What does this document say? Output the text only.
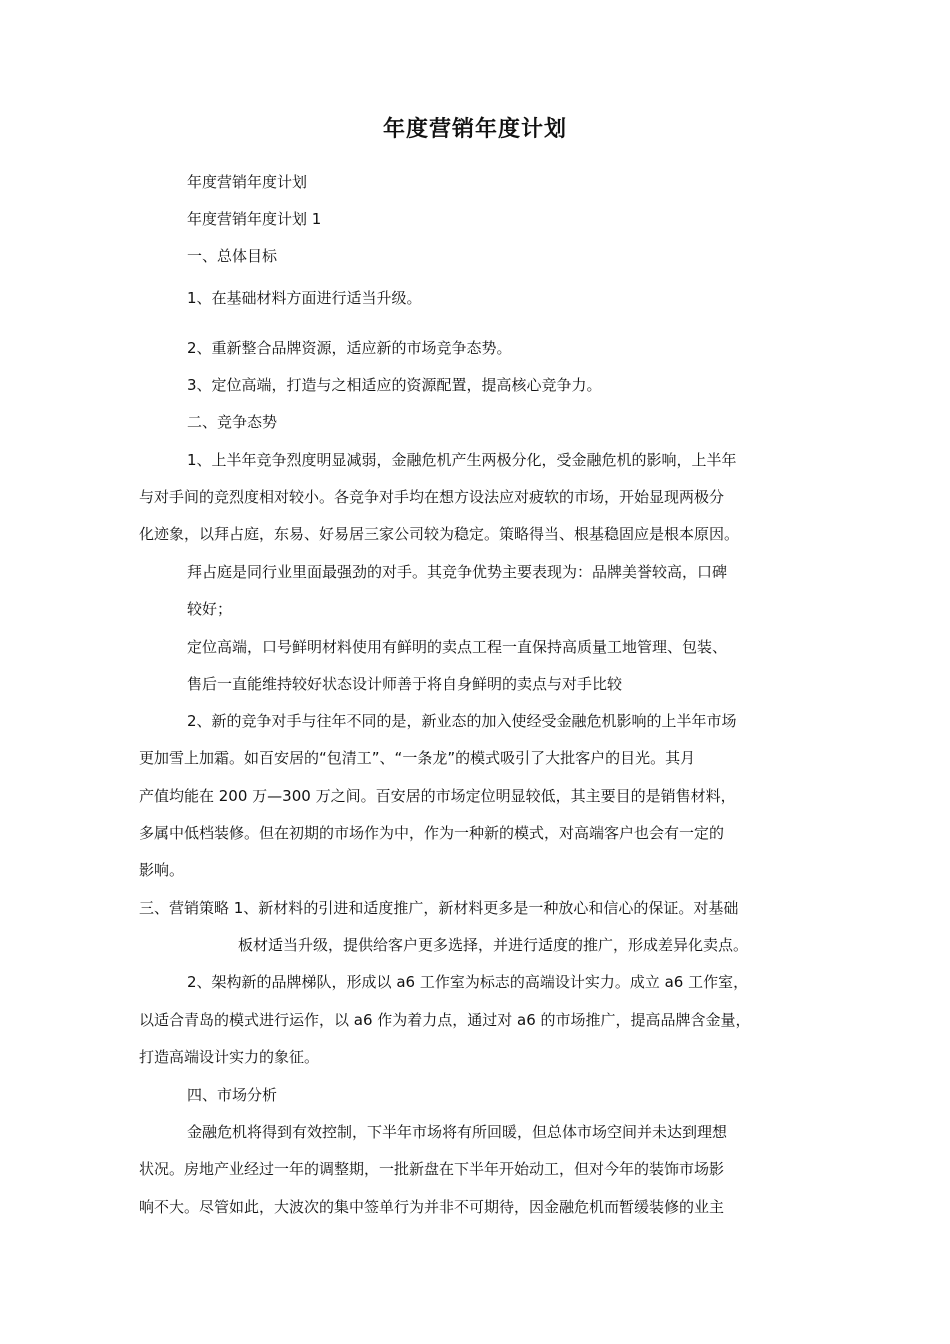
年度营销年度计划

年度营销年度计划

年度营销年度计划 1

一、总体目标

1、在基础材料方面进行适当升级。

2、重新整合品牌资源，适应新的市场竞争态势。

3、定位高端，打造与之相适应的资源配置，提高核心竞争力。

二、竞争态势

1、上半年竞争烈度明显减弱，金融危机产生两极分化，受金融危机的影响，上半年

与对手间的竞烈度相对较小。各竞争对手均在想方设法应对疲软的市场，开始显现两极分

化迹象，以拜占庭，东易、好易居三家公司较为稳定。策略得当、根基稳固应是根本原因。

拜占庭是同行业里面最强劲的对手。其竞争优势主要表现为：品牌美誉较高，口碑

较好；

定位高端，口号鲜明材料使用有鲜明的卖点工程一直保持高质量工地管理、包装、

售后一直能维持较好状态设计师善于将自身鲜明的卖点与对手比较

2、新的竞争对手与往年不同的是，新业态的加入使经受金融危机影响的上半年市场

更加雪上加霜。如百安居的“包清工”、“一条龙”的模式吸引了大批客户的目光。其月

产值均能在 200 万—300 万之间。百安居的市场定位明显较低，其主要目的是销售材料，

多属中低档装修。但在初期的市场作为中，作为一种新的模式，对高端客户也会有一定的

影响。

三、营销策略 1、新材料的引进和适度推广，新材料更多是一种放心和信心的保证。对基础

板材适当升级，提供给客户更多选择，并进行适度的推广，形成差异化卖点。

2、架构新的品牌梯队，形成以 a6 工作室为标志的高端设计实力。成立 a6 工作室，

以适合青岛的模式进行运作，以 a6 作为着力点，通过对 a6 的市场推广，提高品牌含金量，

打造高端设计实力的象征。

四、市场分析

金融危机将得到有效控制，下半年市场将有所回暖，但总体市场空间并未达到理想

状况。房地产业经过一年的调整期，一批新盘在下半年开始动工，但对今年的装饰市场影

响不大。尽管如此，大波次的集中签单行为并非不可期待，因金融危机而暂缓装修的业主
